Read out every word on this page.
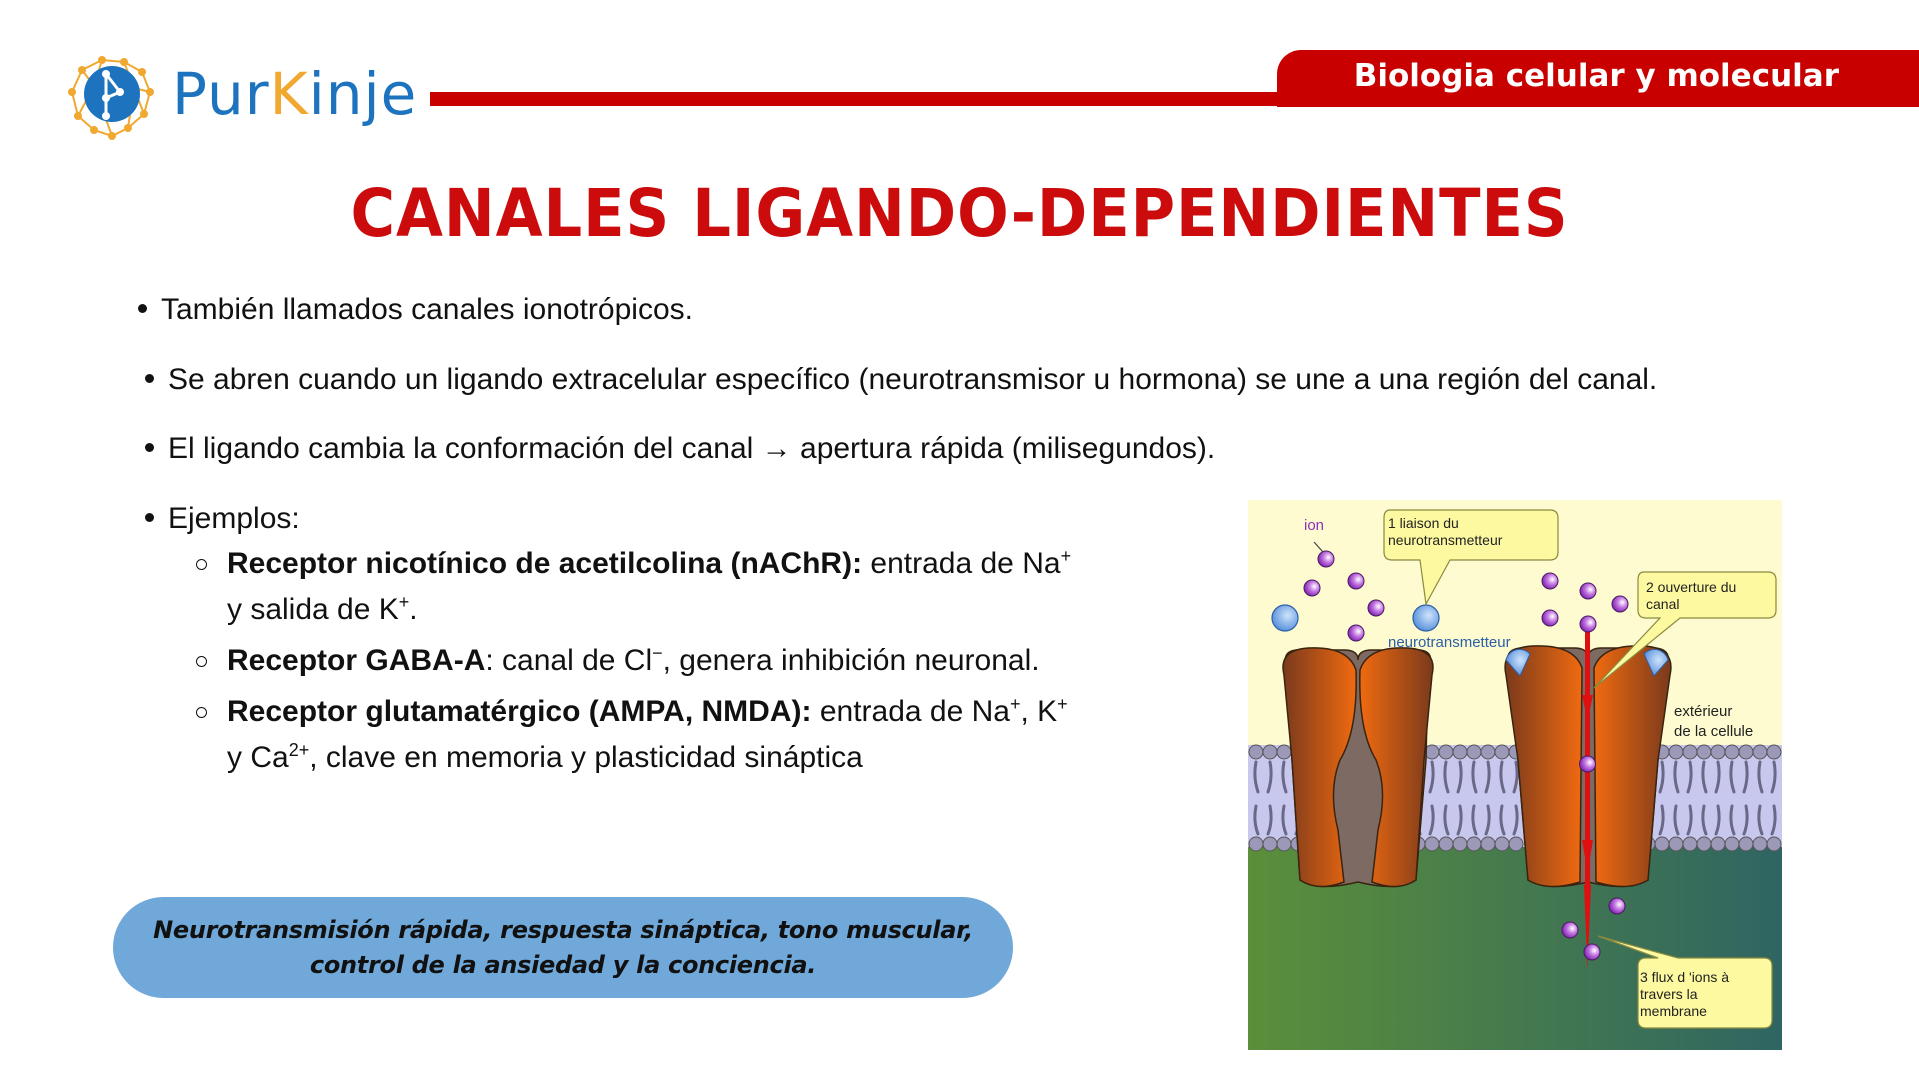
PurKinje	Biologia celular y molecular
CANALES LIGANDO-DEPENDIENTES
También llamados canales ionotrópicos.
Se abren cuando un ligando extracelular específico (neurotransmisor u hormona) se une a una región del canal.
El ligando cambia la conformación del canal → apertura rápida (milisegundos).
Ejemplos:
Receptor nicotínico de acetilcolina (nAChR): entrada de Na+
y salida de K+.
Receptor GABA-A: canal de Cl−, genera inhibición neuronal.
Receptor glutamatérgico (AMPA, NMDA): entrada de Na+, K+
y $Ca^{2+}$, clave en memoria y plasticidad sináptica
Neurotransmisión rápida, respuesta sináptica, tono muscular, control de la ansiedad y la conciencia.
ion	1 liaison du
neurotransmetteur
neurotransmetteur
2 ouverture du
canal
extérieur
de la cellule
3 flux d 'ions à
travers la
membrane
